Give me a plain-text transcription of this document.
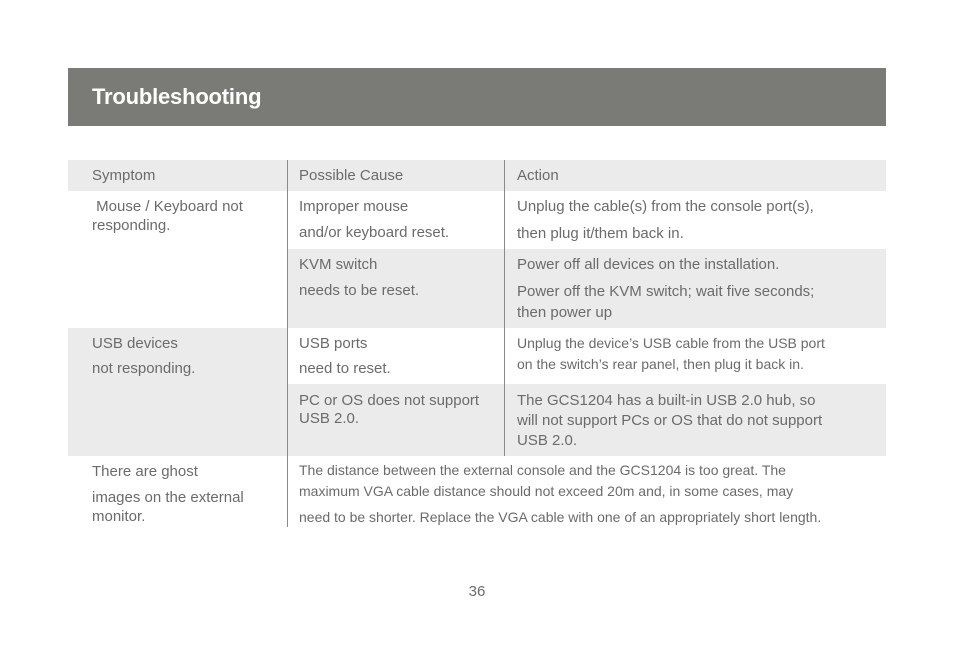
Troubleshooting
Symptom	Possible Cause	Action
Mouse / Keyboard not
responding.
Improper mouse
and/or keyboard reset.
Unplug the cable(s) from the console port(s),
then plug it/them back in.
KVM switch
needs to be reset.
Power off all devices on the installation.
Power off the KVM switch; wait five seconds;
then power up
USB devices
not responding.
USB ports
need to reset.
Unplug the device’s USB cable from the USB port
on the switch’s rear panel, then plug it back in.
PC or OS does not support
USB 2.0.
The GCS1204 has a built-in USB 2.0 hub, so
will not support PCs or OS that do not support
USB 2.0.
There are ghost
images on the external
monitor.
The distance between the external console and the GCS1204 is too great. The
maximum VGA cable distance should not exceed 20m and, in some cases, may
need to be shorter. Replace the VGA cable with one of an appropriately short length.
36
